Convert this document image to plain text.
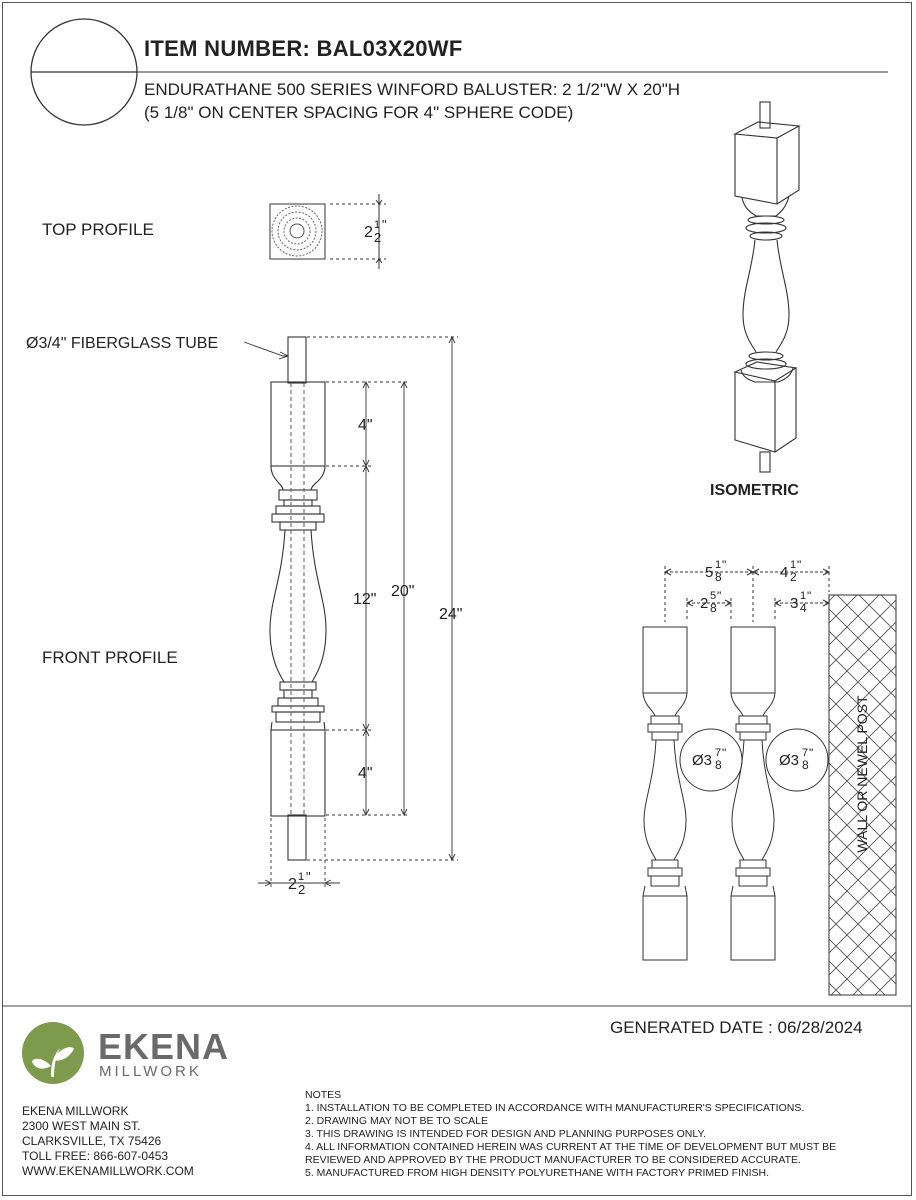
ITEM NUMBER: BAL03X20WF
ENDURATHANE 500 SERIES WINFORD BALUSTER: 2 1/2"W X 20"H
(5 1/8" ON CENTER SPACING FOR 4" SPHERE CODE)
TOP PROFILE
FRONT PROFILE
ISOMETRIC
Ø3/4" FIBERGLASS TUBE
WALL OR NEWEL POST
2 1
2
"
4"
12"
4"
20"
24"
2 1
2
"
5 1
8
"	4 1
2
"
2 5
8
"	3 1
4
"
Ø3 7
8
"	Ø3 7
8
"
GENERATED DATE : 06/28/2024
EKENA
MILLWORK
EKENA MILLWORK
2300 WEST MAIN ST.
CLARKSVILLE, TX 75426
TOLL FREE: 866-607-0453
WWW.EKENAMILLWORK.COM
NOTES
1. INSTALLATION TO BE COMPLETED IN ACCORDANCE WITH MANUFACTURER'S SPECIFICATIONS.
2. DRAWING MAY NOT BE TO SCALE
3. THIS DRAWING IS INTENDED FOR DESIGN AND PLANNING PURPOSES ONLY.
4. ALL INFORMATION CONTAINED HEREIN WAS CURRENT AT THE TIME OF DEVELOPMENT BUT MUST BE
REVIEWED AND APPROVED BY THE PRODUCT MANUFACTURER TO BE CONSIDERED ACCURATE.
5. MANUFACTURED FROM HIGH DENSITY POLYURETHANE WITH FACTORY PRIMED FINISH.
